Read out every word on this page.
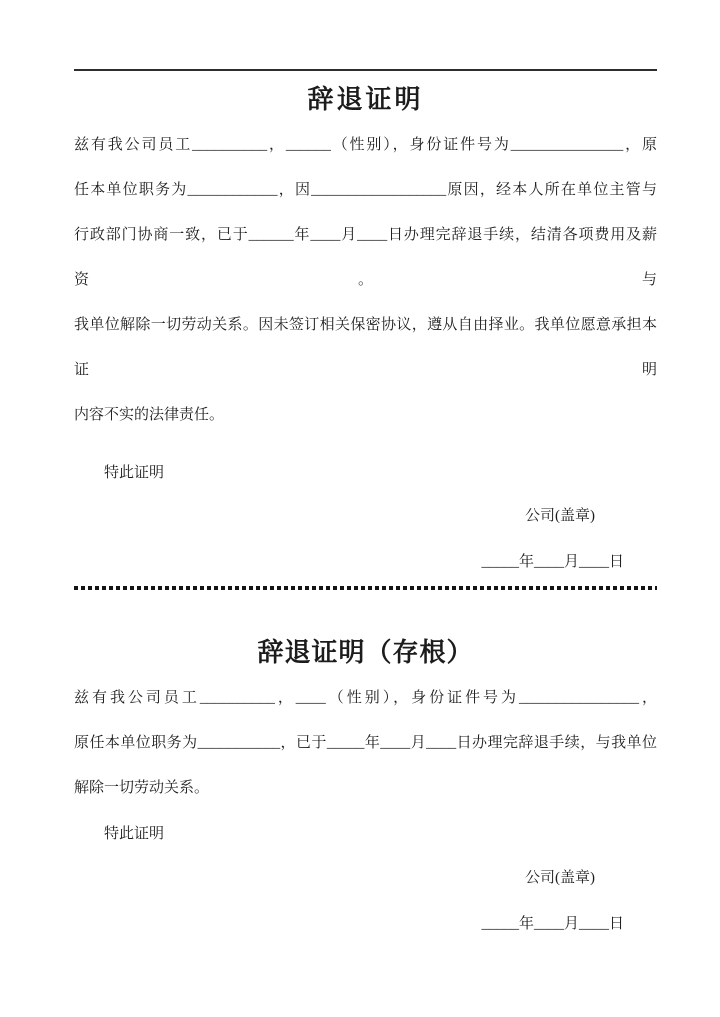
辞退证明
兹有我公司员工__________，______（性别），身份证件号为_______________，原
任本单位职务为____________，因__________________原因，经本人所在单位主管与
行政部门协商一致，已于______年____月____日办理完辞退手续，结清各项费用及薪资。与
我单位解除一切劳动关系。因未签订相关保密协议，遵从自由择业。我单位愿意承担本证明
内容不实的法律责任。
特此证明
公司(盖章)
_____年____月____日
辞退证明（存根）
兹有我公司员工__________，____（性别），身份证件号为________________，
原任本单位职务为___________，已于_____年____月____日办理完辞退手续，与我单位
解除一切劳动关系。
特此证明
公司(盖章)
_____年____月____日
